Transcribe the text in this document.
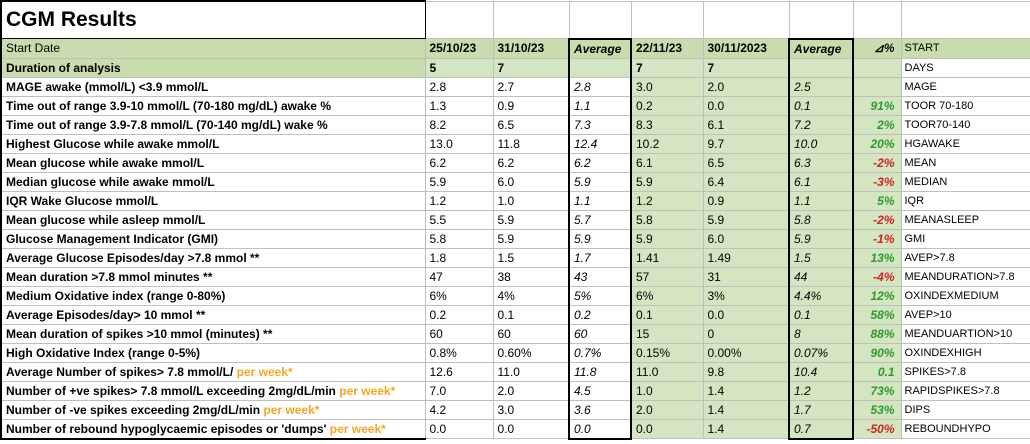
CGM Results								
Start Date	25/10/23	31/10/23	Average	22/11/23	30/11/2023	Average	⊿%	START
Duration of analysis	5	7		7	7			DAYS
MAGE awake (mmol/L) <3.9 mmol/L	2.8	2.7	2.8	3.0	2.0	2.5		MAGE
Time out of range 3.9-10 mmol/L (70-180 mg/dL) awake %	1.3	0.9	1.1	0.2	0.0	0.1	91%	TOOR 70-180
Time out of range 3.9-7.8 mmol/L (70-140 mg/dL) wake %	8.2	6.5	7.3	8.3	6.1	7.2	2%	TOOR70-140
Highest Glucose while awake mmol/L	13.0	11.8	12.4	10.2	9.7	10.0	20%	HGAWAKE
Mean glucose while awake mmol/L	6.2	6.2	6.2	6.1	6.5	6.3	-2%	MEAN
Median glucose while awake mmol/L	5.9	6.0	5.9	5.9	6.4	6.1	-3%	MEDIAN
IQR Wake Glucose mmol/L	1.2	1.0	1.1	1.2	0.9	1.1	5%	IQR
Mean glucose while asleep mmol/L	5.5	5.9	5.7	5.8	5.9	5.8	-2%	MEANASLEEP
Glucose Management Indicator (GMI)	5.8	5.9	5.9	5.9	6.0	5.9	-1%	GMI
Average Glucose Episodes/day >7.8 mmol **	1.8	1.5	1.7	1.41	1.49	1.5	13%	AVEP>7.8
Mean duration >7.8 mmol minutes **	47	38	43	57	31	44	-4%	MEANDURATION>7.8
Medium Oxidative index (range 0-80%)	6%	4%	5%	6%	3%	4.4%	12%	OXINDEXMEDIUM
Average Episodes/day> 10 mmol **	0.2	0.1	0.2	0.1	0.0	0.1	58%	AVEP>10
Mean duration of spikes >10 mmol (minutes) **	60	60	60	15	0	8	88%	MEANDUARTION>10
High Oxidative Index (range 0-5%)	0.8%	0.60%	0.7%	0.15%	0.00%	0.07%	90%	OXINDEXHIGH
Average Number of spikes> 7.8 mmol/L/ per week*	12.6	11.0	11.8	11.0	9.8	10.4	0.1	SPIKES>7.8
Number of +ve spikes> 7.8 mmol/L exceeding 2mg/dL/min per week*	7.0	2.0	4.5	1.0	1.4	1.2	73%	RAPIDSPIKES>7.8
Number of -ve spikes exceeding 2mg/dL/min per week*	4.2	3.0	3.6	2.0	1.4	1.7	53%	DIPS
Number of rebound hypoglycaemic episodes or 'dumps' per week*	0.0	0.0	0.0	0.0	1.4	0.7	-50%	REBOUNDHYPO
